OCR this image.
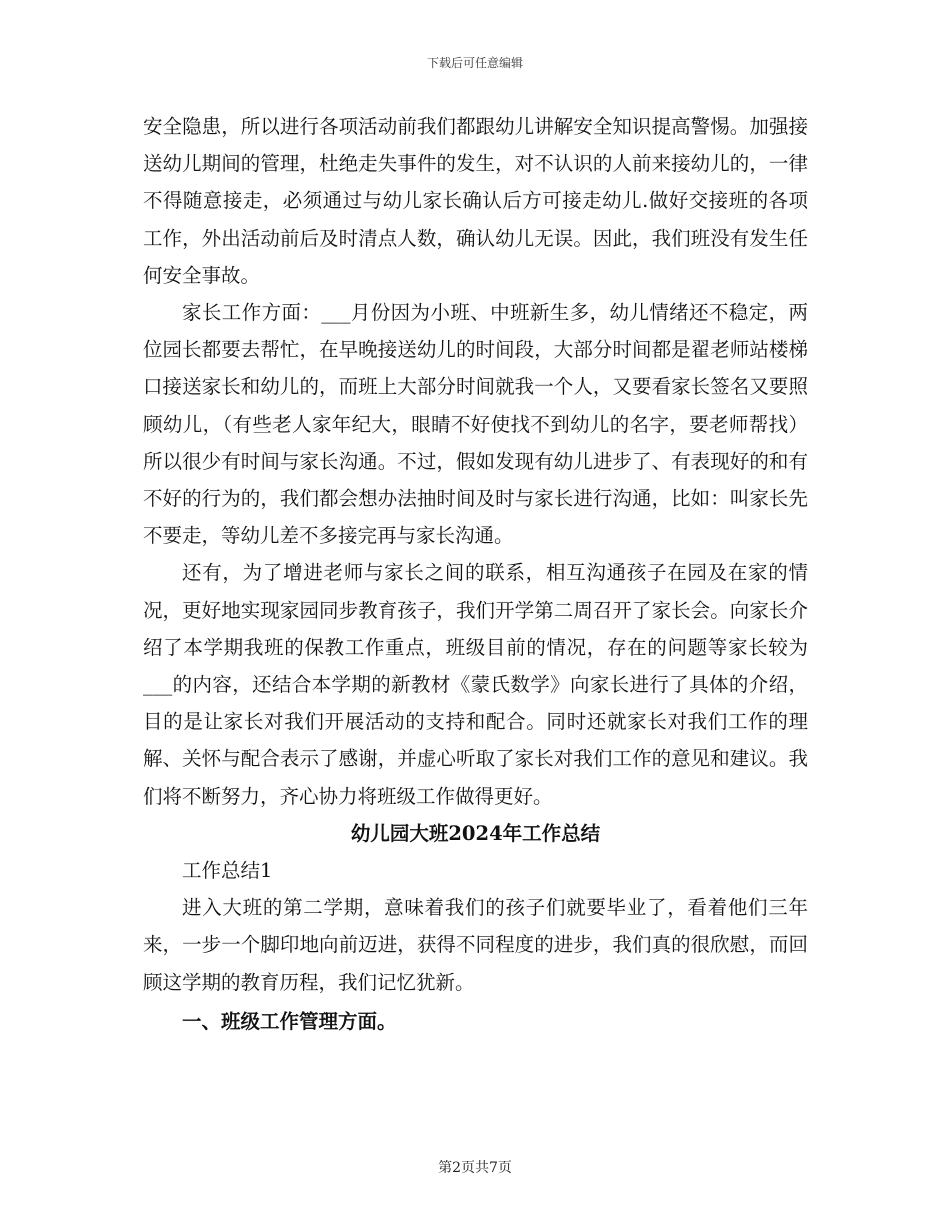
下载后可任意编辑

安全隐患，所以进行各项活动前我们都跟幼儿讲解安全知识提高警惕。加强接送幼儿期间的管理，杜绝走失事件的发生，对不认识的人前来接幼儿的，一律不得随意接走，必须通过与幼儿家长确认后方可接走幼儿.做好交接班的各项工作，外出活动前后及时清点人数，确认幼儿无误。因此，我们班没有发生任何安全事故。

家长工作方面：___月份因为小班、中班新生多，幼儿情绪还不稳定，两位园长都要去帮忙，在早晚接送幼儿的时间段，大部分时间都是翟老师站楼梯口接送家长和幼儿的，而班上大部分时间就我一个人，又要看家长签名又要照顾幼儿，（有些老人家年纪大，眼睛不好使找不到幼儿的名字，要老师帮找）所以很少有时间与家长沟通。不过，假如发现有幼儿进步了、有表现好的和有不好的行为的，我们都会想办法抽时间及时与家长进行沟通，比如：叫家长先不要走，等幼儿差不多接完再与家长沟通。

还有，为了增进老师与家长之间的联系，相互沟通孩子在园及在家的情况，更好地实现家园同步教育孩子，我们开学第二周召开了家长会。向家长介绍了本学期我班的保教工作重点，班级目前的情况，存在的问题等家长较为___的内容，还结合本学期的新教材《蒙氏数学》向家长进行了具体的介绍，目的是让家长对我们开展活动的支持和配合。同时还就家长对我们工作的理解、关怀与配合表示了感谢，并虚心听取了家长对我们工作的意见和建议。我们将不断努力，齐心协力将班级工作做得更好。

幼儿园大班2024年工作总结

工作总结1

进入大班的第二学期，意味着我们的孩子们就要毕业了，看着他们三年来，一步一个脚印地向前迈进，获得不同程度的进步，我们真的很欣慰，而回顾这学期的教育历程，我们记忆犹新。

一、班级工作管理方面。

第2页共7页
